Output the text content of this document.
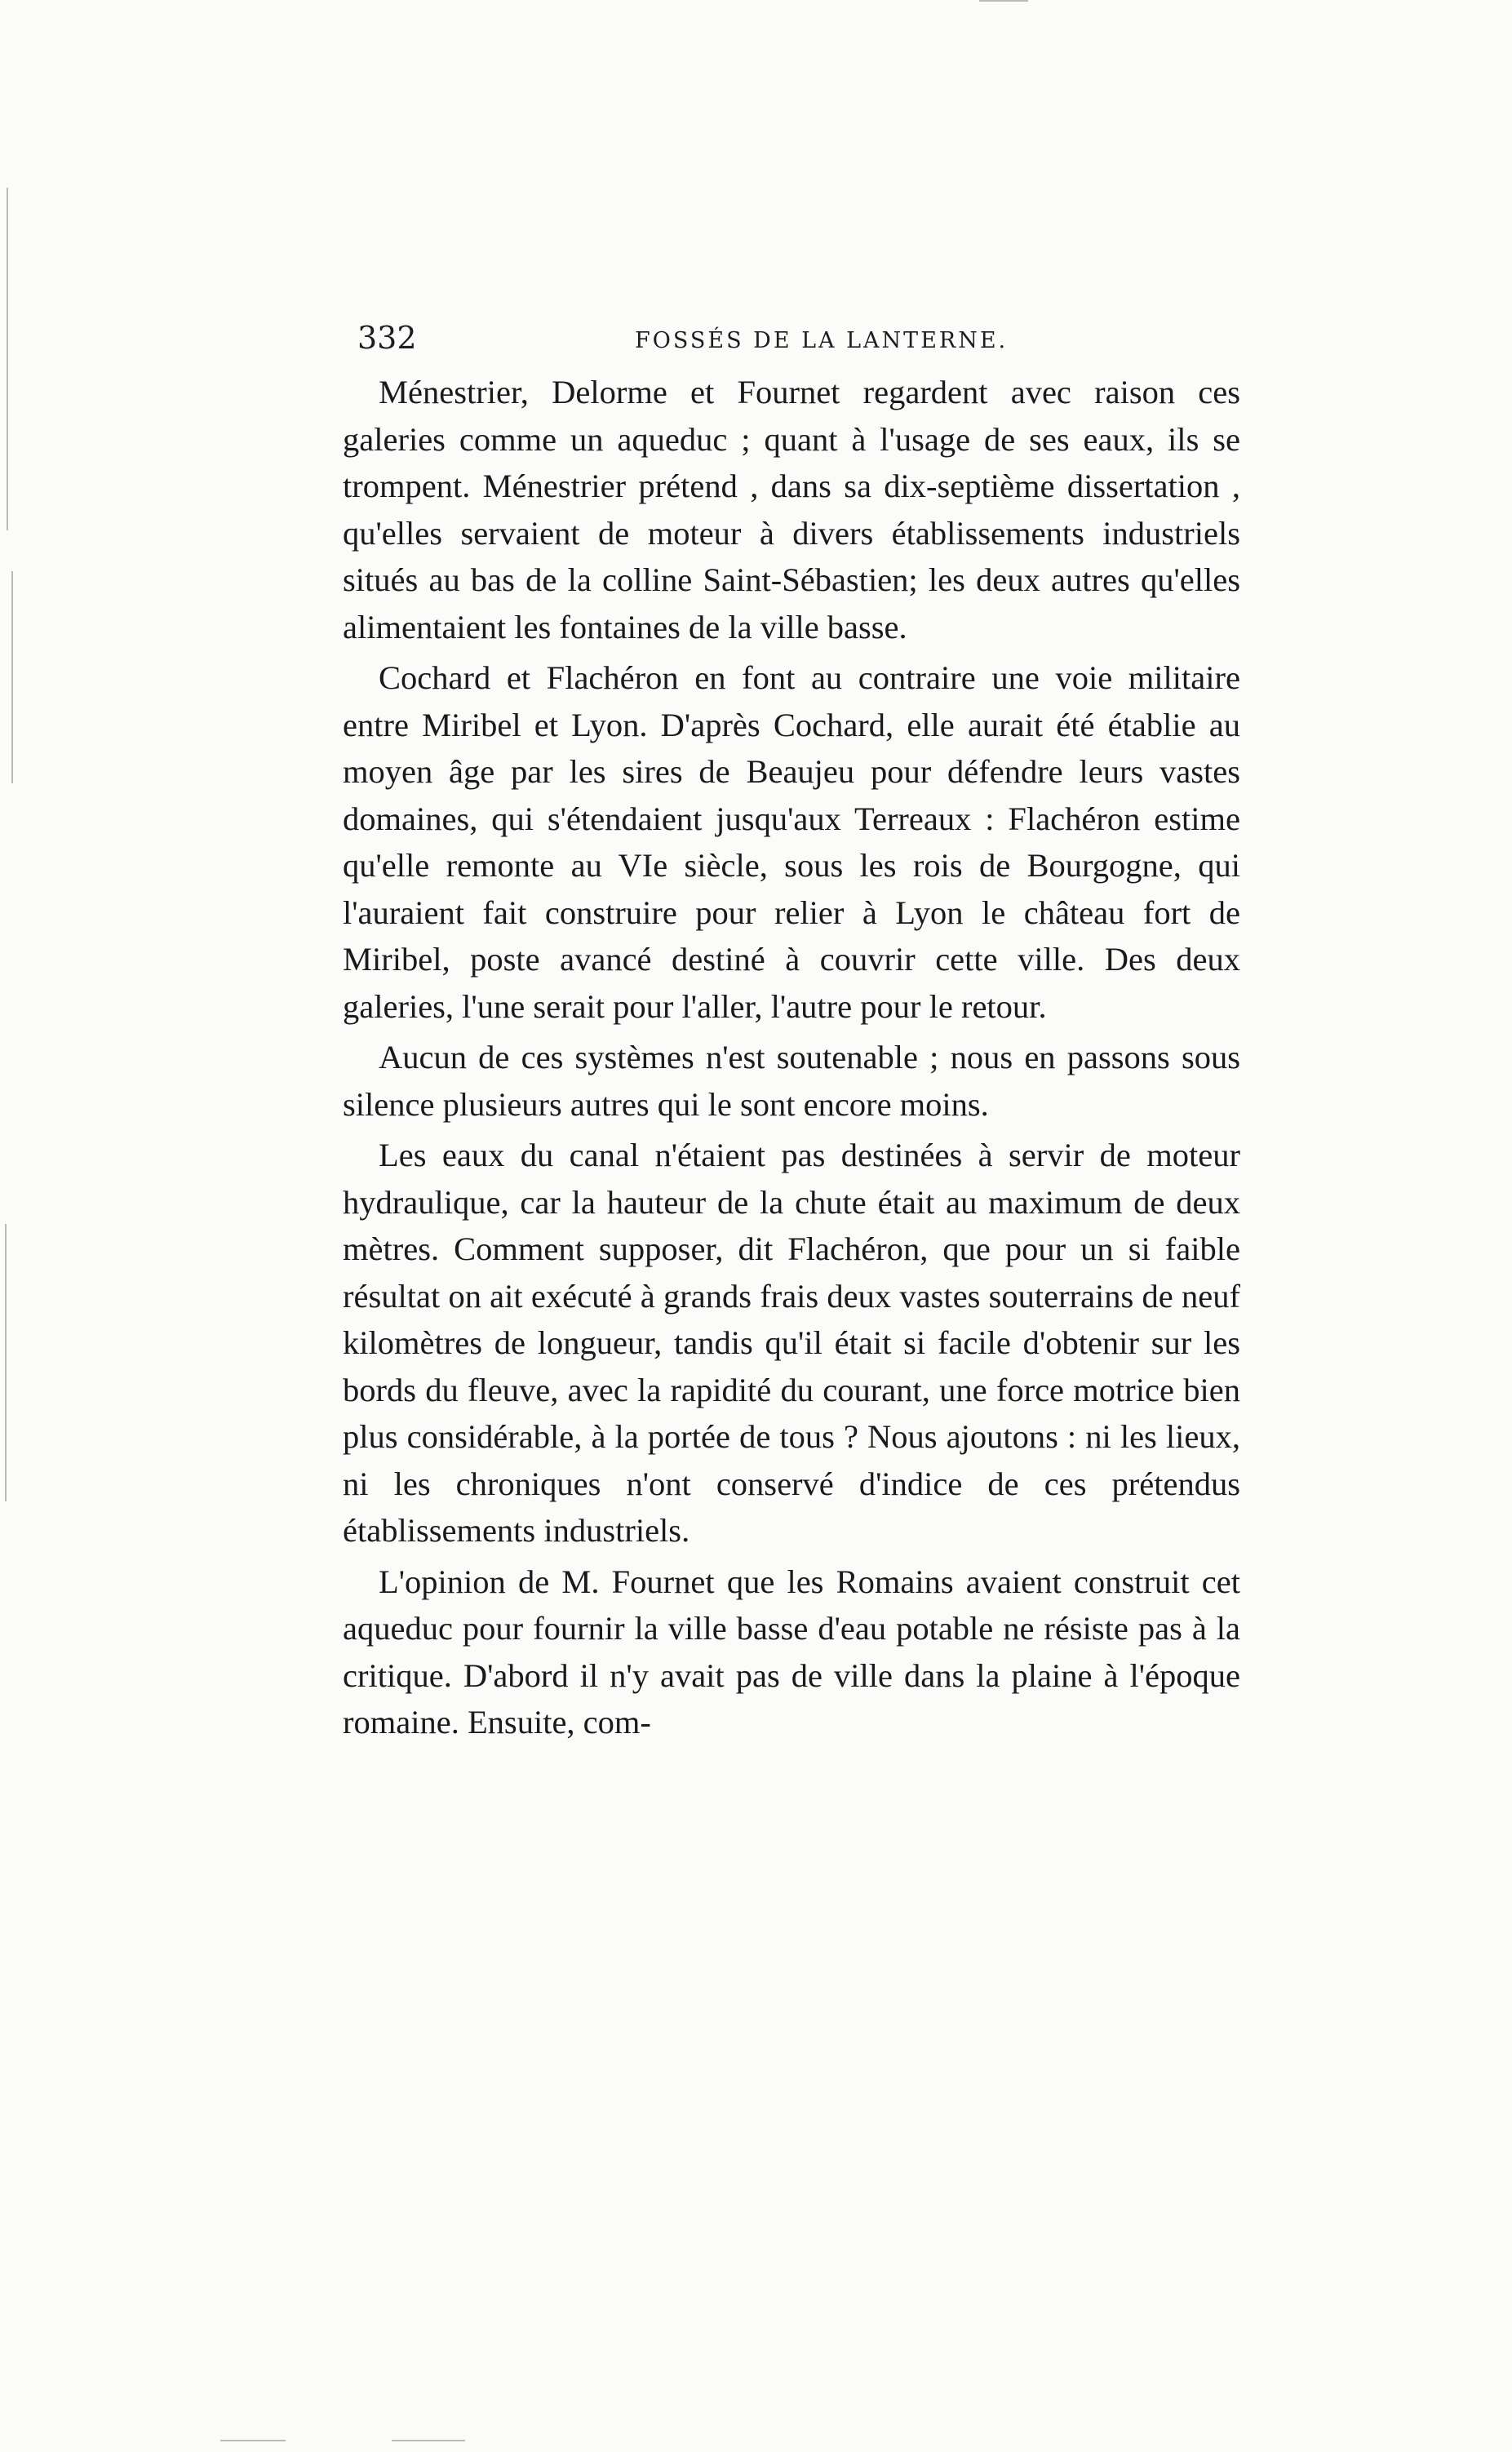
332	FOSSÉS DE LA LANTERNE.

Ménestrier, Delorme et Fournet regardent avec raison ces galeries comme un aqueduc ; quant à l'usage de ses eaux, ils se trompent. Ménestrier prétend , dans sa dix-septième dissertation , qu'elles servaient de moteur à divers établissements industriels situés au bas de la colline Saint-Sébastien; les deux autres qu'elles alimentaient les fontaines de la ville basse.

Cochard et Flachéron en font au contraire une voie militaire entre Miribel et Lyon. D'après Cochard, elle aurait été établie au moyen âge par les sires de Beaujeu pour défendre leurs vastes domaines, qui s'étendaient jusqu'aux Terreaux : Flachéron estime qu'elle remonte au VIe siècle, sous les rois de Bourgogne, qui l'auraient fait construire pour relier à Lyon le château fort de Miribel, poste avancé destiné à couvrir cette ville. Des deux galeries, l'une serait pour l'aller, l'autre pour le retour.

Aucun de ces systèmes n'est soutenable ; nous en passons sous silence plusieurs autres qui le sont encore moins.

Les eaux du canal n'étaient pas destinées à servir de moteur hydraulique, car la hauteur de la chute était au maximum de deux mètres. Comment supposer, dit Flachéron, que pour un si faible résultat on ait exécuté à grands frais deux vastes souterrains de neuf kilomètres de longueur, tandis qu'il était si facile d'obtenir sur les bords du fleuve, avec la rapidité du courant, une force motrice bien plus considérable, à la portée de tous ? Nous ajoutons : ni les lieux, ni les chroniques n'ont conservé d'indice de ces prétendus établissements industriels.

L'opinion de M. Fournet que les Romains avaient construit cet aqueduc pour fournir la ville basse d'eau potable ne résiste pas à la critique. D'abord il n'y avait pas de ville dans la plaine à l'époque romaine. Ensuite, com-
